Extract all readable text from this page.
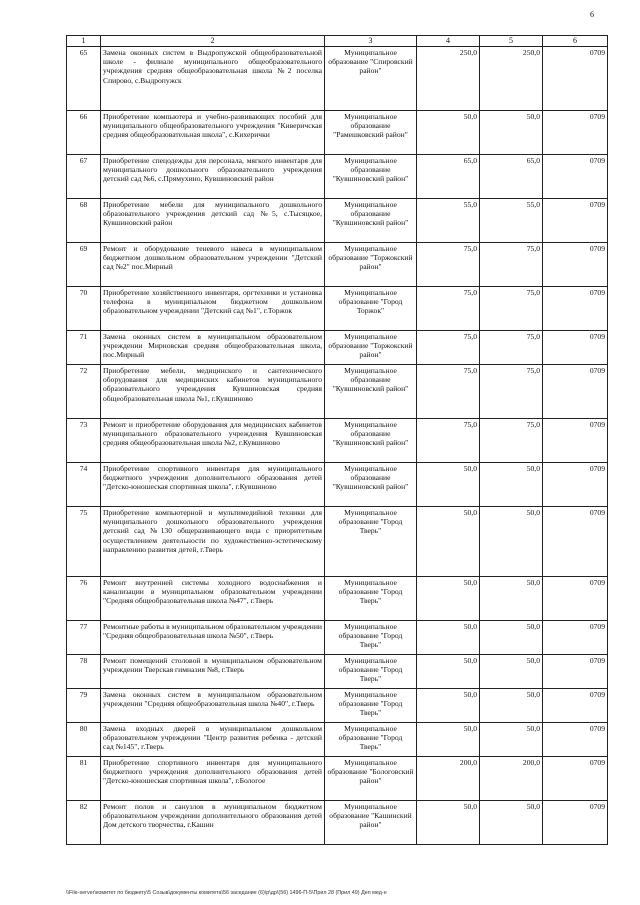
6
1	2	3	4	5	6
65	Замена оконных систем в Выдропужской общеобразовательной школе - филиале муниципального общеобразовательного учреждения средняя общеобразовательная школа №2 поселка Спирово, с.Выдропужск	Муниципальное образование "Спировский район"	250,0	250,0	0709
66	Приобретение компьютера и учебно-развивающих пособий для муниципального общеобразовательного учреждения "Киверичская средняя общеобразовательная школа", с.Кихерички	Муниципальное образование "Рамешковский район"	50,0	50,0	0709
67	Приобретение спецодежды для персонала, мягкого инвентаря для муниципального дошкольного образовательного учреждения детский сад №6, с.Прямухино, Кувшиновский район	Муниципальное образование "Кувшиновский район"	65,0	65,0	0709
68	Приобретение мебели для муниципального дошкольного образовательного учреждения детский сад №5, с.Тысяцкое, Кувшиновский район	Муниципальное образование "Кувшиновский район"	55,0	55,0	0709
69	Ремонт и оборудование теневого навеса в муниципальном бюджетном дошкольном образовательном учреждении "Детский сад №2" пос.Мирный	Муниципальное образование "Торжокский район"	75,0	75,0	0709
70	Приобретение хозяйственного инвентаря, оргтехники и установка телефона в муниципальном бюджетном дошкольном образовательном учреждении "Детский сад №1", г.Торжок	Муниципальное образование "Город Торжок"	75,0	75,0	0709
71	Замена оконных систем в муниципальном образовательном учреждении Мирновская средняя общеобразовательная школа, пос.Мирный	Муниципальное образование "Торжокский район"	75,0	75,0	0709
72	Приобретение мебели, медицинского и сантехнического оборудования для медицинских кабинетов муниципального образовательного учреждения Кувшиновская средняя общеобразовательная школа №1, г.Кувшиново	Муниципальное образование "Кувшиновский район"	75,0	75,0	0709
73	Ремонт и приобретение оборудования для медицинских кабинетов муниципального образовательного учреждения Кувшиновская средняя общеобразовательная школа №2, г.Кувшиново	Муниципальное образование "Кувшиновский район"	75,0	75,0	0709
74	Приобретение спортивного инвентаря для муниципального бюджетного учреждения дополнительного образования детей "Детско-юношеская спортивная школа", г.Кувшиново	Муниципальное образование "Кувшиновский район"	50,0	50,0	0709
75	Приобретение компьютерной и мультимедийной техники для муниципального дошкольного образовательного учреждения детский сад №130 общеразвивающего вида с приоритетным осуществлением деятельности по художественно-эстетическому направлению развития детей, г.Тверь	Муниципальное образование "Город Тверь"	50,0	50,0	0709
76	Ремонт внутренней системы холодного водоснабжения и канализации в муниципальном образовательном учреждении "Средняя общеобразовательная школа №47", г.Тверь	Муниципальное образование "Город Тверь"	50,0	50,0	0709
77	Ремонтные работы в муниципальном образовательном учреждении "Средняя общеобразовательная школа №50", г.Тверь	Муниципальное образование "Город Тверь"	50,0	50,0	0709
78	Ремонт помещений столовой в муниципальном образовательном учреждении Тверская гимназия №8, г.Тверь	Муниципальное образование "Город Тверь"	50,0	50,0	0709
79	Замена оконных систем в муниципальном образовательном учреждении "Средняя общеобразовательная школа №40", г.Тверь	Муниципальное образование "Город Тверь"	50,0	50,0	0709
80	Замена входных дверей в муниципальном дошкольном образовательном учреждении "Центр развития ребенка - детский сад №145", г.Тверь	Муниципальное образование "Город Тверь"	50,0	50,0	0709
81	Приобретение спортивного инвентаря для муниципального бюджетного учреждения дополнительного образования детей "Детско-юношеская спортивная школа", г.Бологое	Муниципальное образование "Бологовский район"	200,0	200,0	0709
82	Ремонт полов и санузлов в муниципальном бюджетном образовательном учреждении дополнительного образования детей Дом детского творчества, г.Кашин	Муниципальное образование "Кашинский район"	50,0	50,0	0709
\\File-server\комитет по бюджету\5 Созыв\документы комитета\56 заседание (6)\р\др\(56) 1496-П-5\Прил 28 (Прил 49) Деп мед-н
